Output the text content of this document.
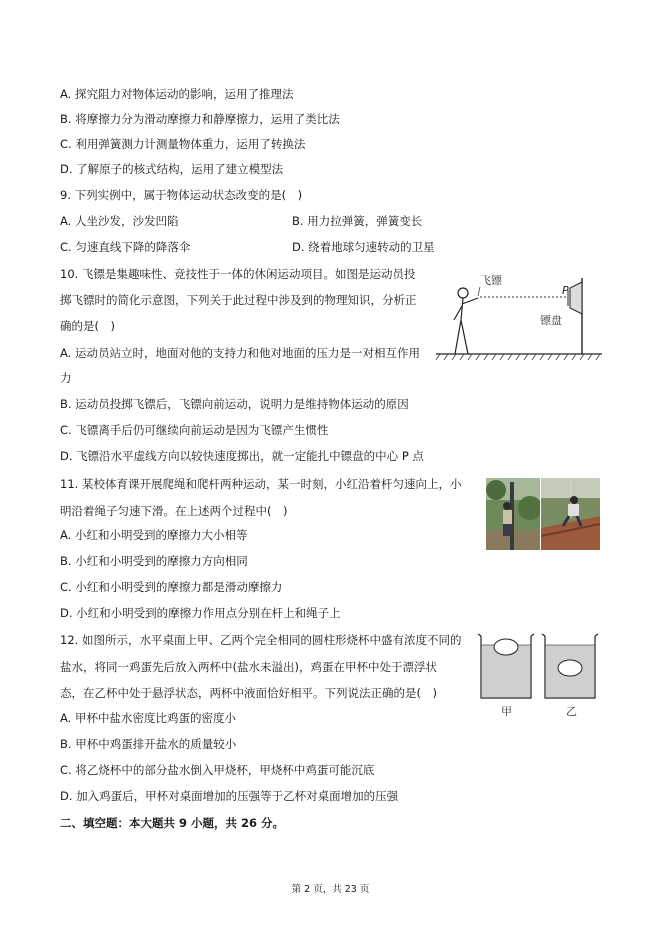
A. 探究阻力对物体运动的影响，运用了推理法
B. 将摩擦力分为滑动摩擦力和静摩擦力，运用了类比法
C. 利用弹簧测力计测量物体重力，运用了转换法
D. 了解原子的核式结构，运用了建立模型法
9. 下列实例中，属于物体运动状态改变的是(　)
A. 人坐沙发，沙发凹陷	B. 用力拉弹簧，弹簧变长
C. 匀速直线下降的降落伞	D. 绕着地球匀速转动的卫星
10. 飞镖是集趣味性、竞技性于一体的休闲运动项目。如图是运动员投
掷飞镖时的简化示意图，下列关于此过程中涉及到的物理知识，分析正
确的是(　)
A. 运动员站立时，地面对他的支持力和他对地面的压力是一对相互作用
力
B. 运动员投掷飞镖后，飞镖向前运动，说明力是维持物体运动的原因
C. 飞镖离手后仍可继续向前运动是因为飞镖产生惯性
D. 飞镖沿水平虚线方向以较快速度掷出，就一定能扎中镖盘的中心 P 点
飞镖
P
镖盘
11. 某校体育课开展爬绳和爬杆两种运动，某一时刻，小红沿着杆匀速向上，小
明沿着绳子匀速下滑。在上述两个过程中(　)
A. 小红和小明受到的摩擦力大小相等
B. 小红和小明受到的摩擦力方向相同
C. 小红和小明受到的摩擦力都是滑动摩擦力
D. 小红和小明受到的摩擦力作用点分别在杆上和绳子上
12. 如图所示，水平桌面上甲、乙两个完全相同的圆柱形烧杯中盛有浓度不同的
盐水，将同一鸡蛋先后放入两杯中(盐水未溢出)，鸡蛋在甲杯中处于漂浮状
态，在乙杯中处于悬浮状态，两杯中液面恰好相平。下列说法正确的是(　)
A. 甲杯中盐水密度比鸡蛋的密度小
B. 甲杯中鸡蛋排开盐水的质量较小
C. 将乙烧杯中的部分盐水倒入甲烧杯，甲烧杯中鸡蛋可能沉底
D. 加入鸡蛋后，甲杯对桌面增加的压强等于乙杯对桌面增加的压强
甲	乙
二、填空题：本大题共 9 小题，共 26 分。
第 2 页，共 23 页
